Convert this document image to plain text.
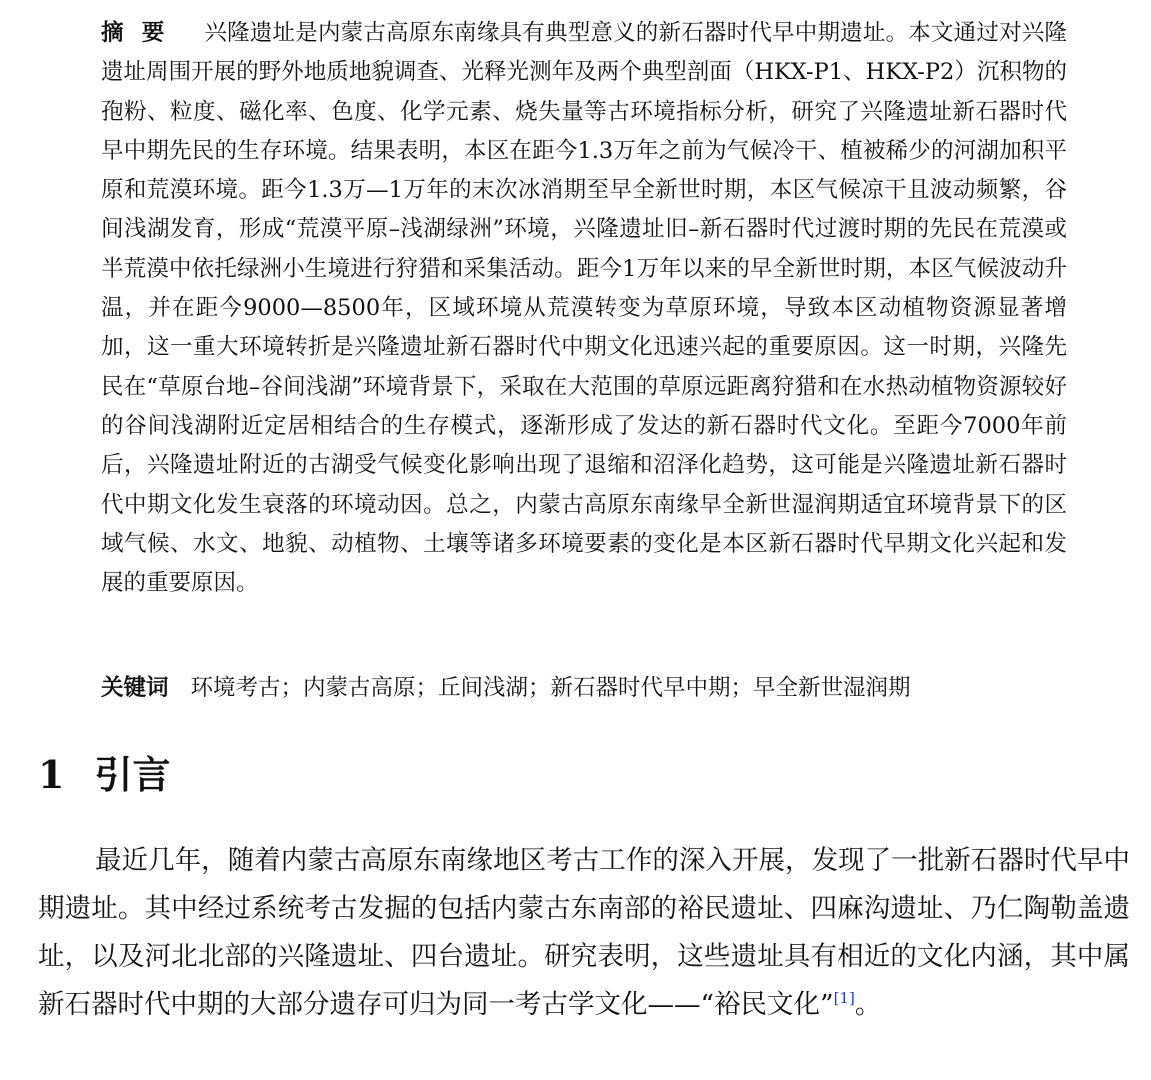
摘要 兴隆遗址是内蒙古高原东南缘具有典型意义的新石器时代早中期遗址。本文通过对兴隆遗址周围开展的野外地质地貌调查、光释光测年及两个典型剖面（HKX-P1、HKX-P2）沉积物的孢粉、粒度、磁化率、色度、化学元素、烧失量等古环境指标分析，研究了兴隆遗址新石器时代早中期先民的生存环境。结果表明，本区在距今1.3万年之前为气候冷干、植被稀少的河湖加积平原和荒漠环境。距今1.3万—1万年的末次冰消期至早全新世时期，本区气候凉干且波动频繁，谷间浅湖发育，形成“荒漠平原–浅湖绿洲”环境，兴隆遗址旧–新石器时代过渡时期的先民在荒漠或半荒漠中依托绿洲小生境进行狩猎和采集活动。距今1万年以来的早全新世时期，本区气候波动升温，并在距今9000—8500年，区域环境从荒漠转变为草原环境，导致本区动植物资源显著增加，这一重大环境转折是兴隆遗址新石器时代中期文化迅速兴起的重要原因。这一时期，兴隆先民在“草原台地–谷间浅湖”环境背景下，采取在大范围的草原远距离狩猎和在水热动植物资源较好的谷间浅湖附近定居相结合的生存模式，逐渐形成了发达的新石器时代文化。至距今7000年前后，兴隆遗址附近的古湖受气候变化影响出现了退缩和沼泽化趋势，这可能是兴隆遗址新石器时代中期文化发生衰落的环境动因。总之，内蒙古高原东南缘早全新世湿润期适宜环境背景下的区域气候、水文、地貌、动植物、土壤等诸多环境要素的变化是本区新石器时代早期文化兴起和发展的重要原因。
关键词 环境考古；内蒙古高原；丘间浅湖；新石器时代早中期；早全新世湿润期
1 引言

最近几年，随着内蒙古高原东南缘地区考古工作的深入开展，发现了一批新石器时代早中期遗址。其中经过系统考古发掘的包括内蒙古东南部的裕民遗址、四麻沟遗址、乃仁陶勒盖遗址，以及河北北部的兴隆遗址、四台遗址。研究表明，这些遗址具有相近的文化内涵，其中属新石器时代中期的大部分遗存可归为同一考古学文化——“裕民文化”[1]。
